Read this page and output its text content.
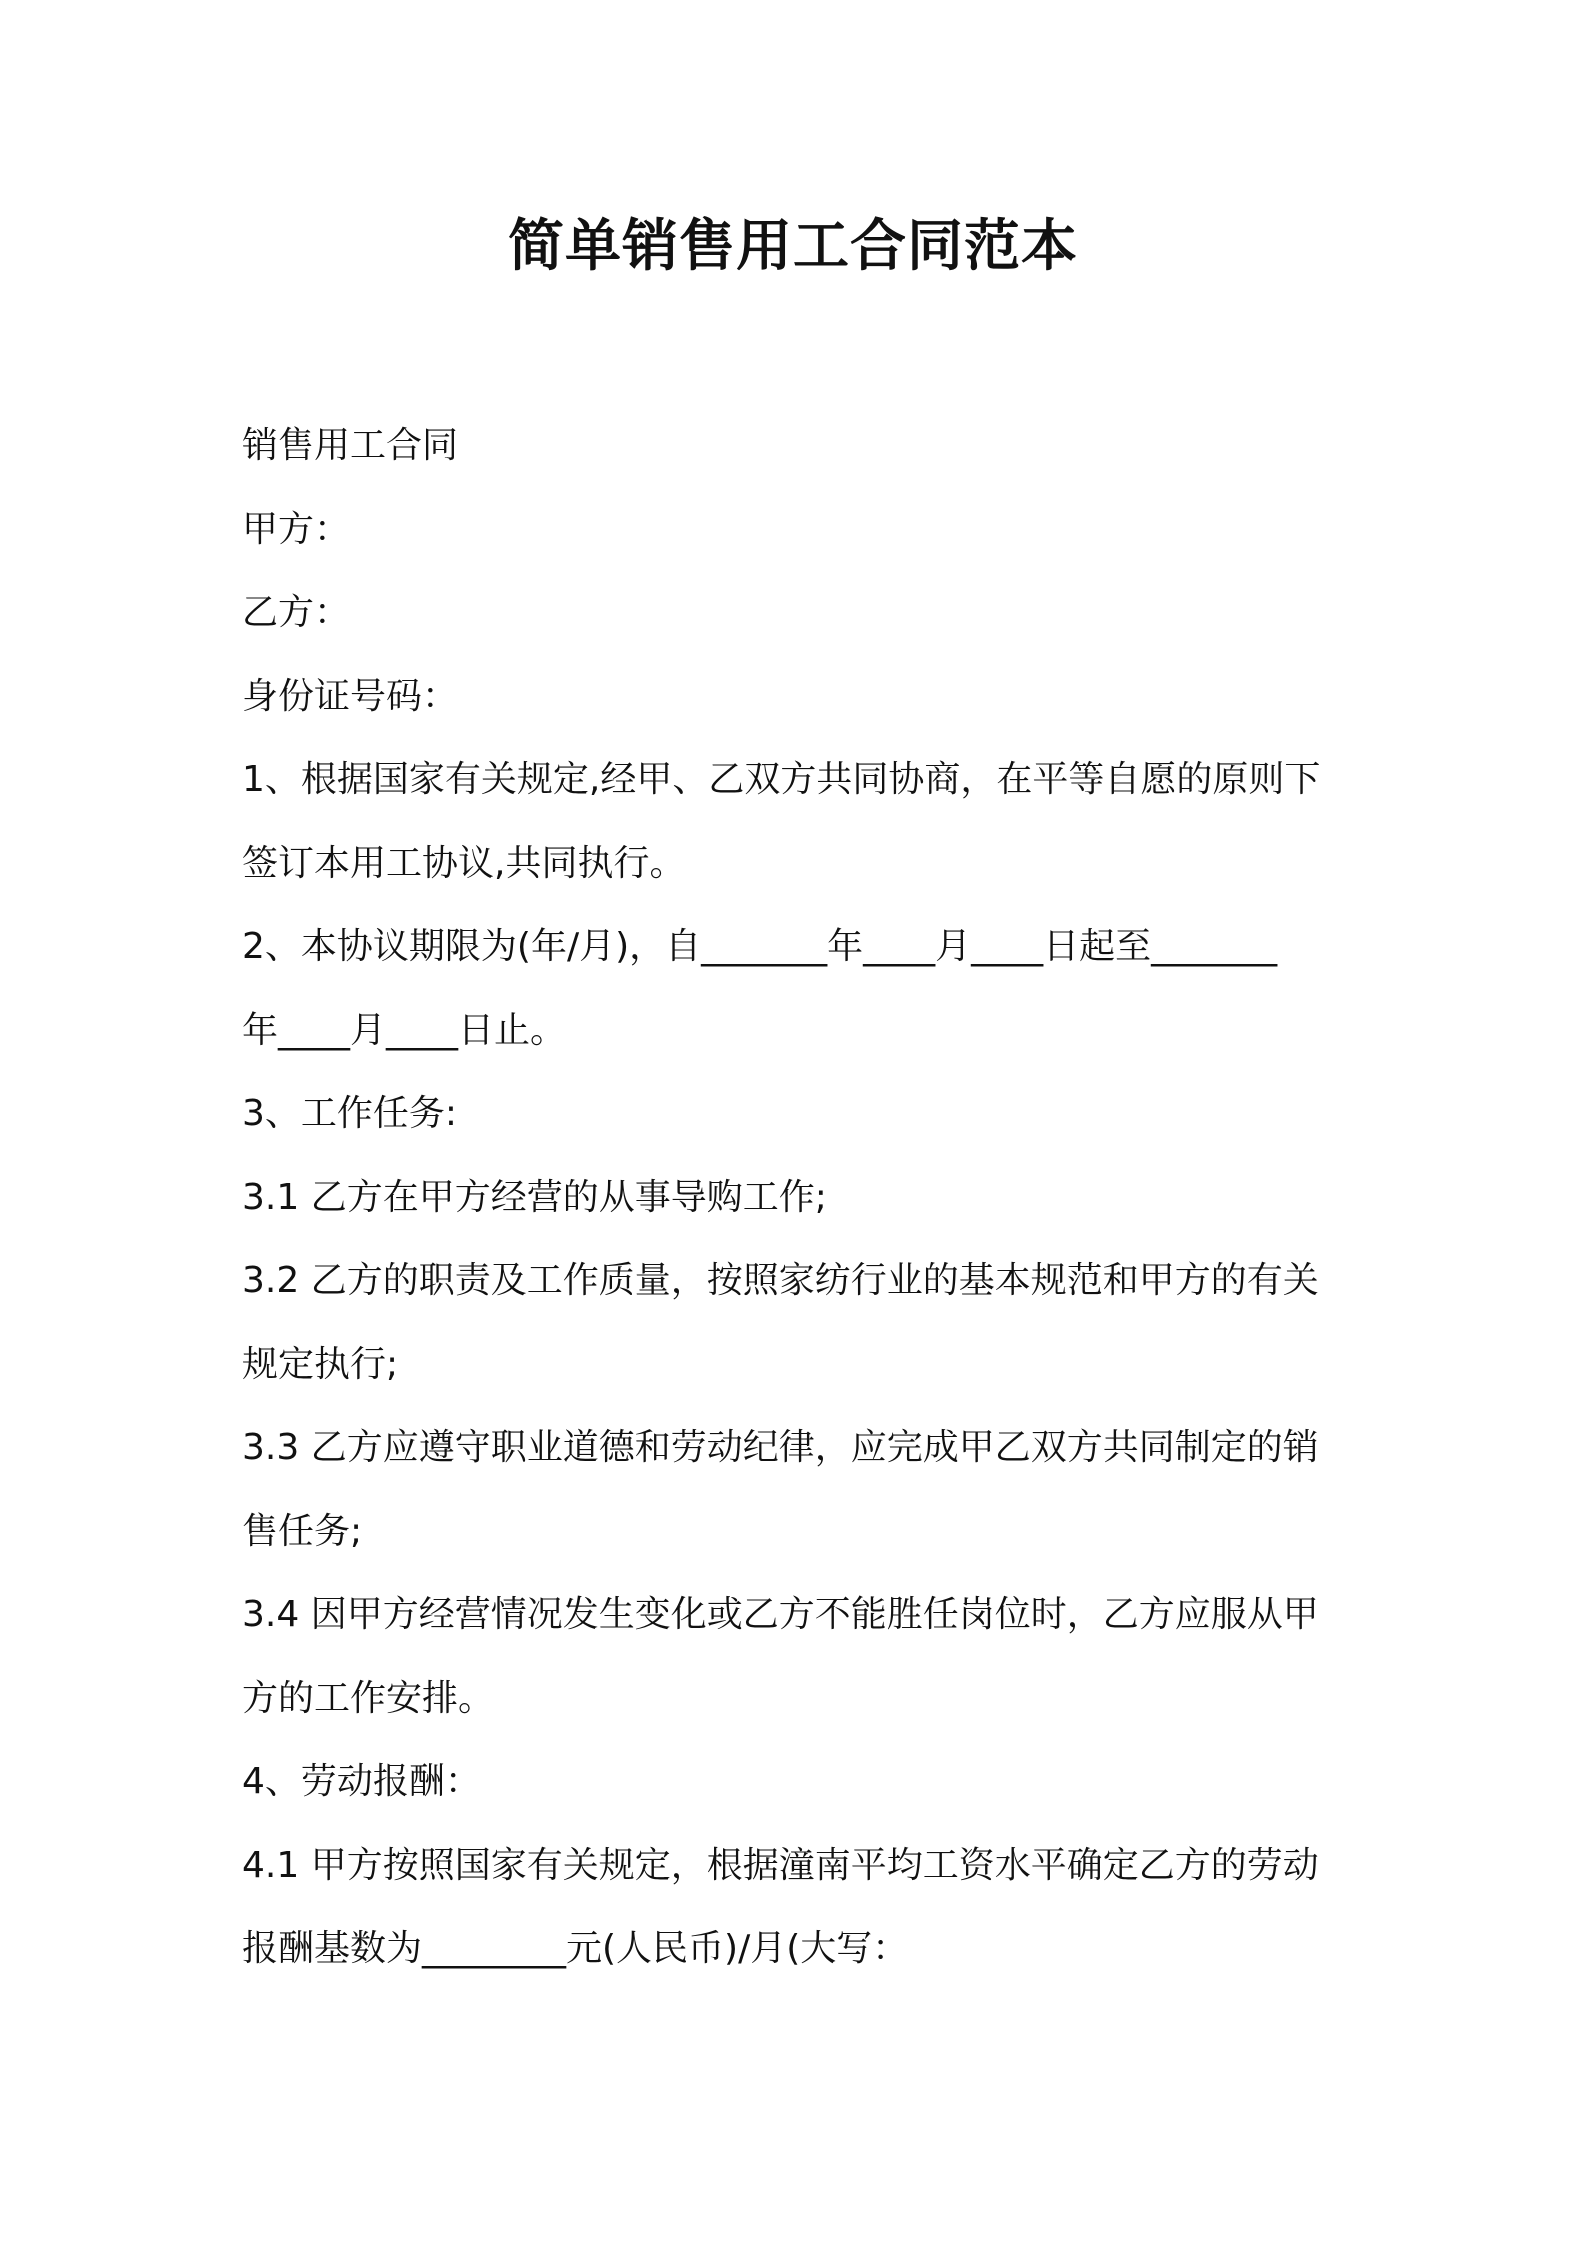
简单销售用工合同范本

销售用工合同

甲方：

乙方：

身份证号码：

1、根据国家有关规定,经甲、乙双方共同协商，在平等自愿的原则下

签订本用工协议,共同执行。

2、本协议期限为(年/月)，自_______年____月____日起至_______

年____月____日止。

3、工作任务:

3.1 乙方在甲方经营的从事导购工作;

3.2 乙方的职责及工作质量，按照家纺行业的基本规范和甲方的有关

规定执行;

3.3 乙方应遵守职业道德和劳动纪律，应完成甲乙双方共同制定的销

售任务;

3.4 因甲方经营情况发生变化或乙方不能胜任岗位时，乙方应服从甲

方的工作安排。

4、劳动报酬：

4.1 甲方按照国家有关规定，根据潼南平均工资水平确定乙方的劳动

报酬基数为________元(人民币)/月(大写：
